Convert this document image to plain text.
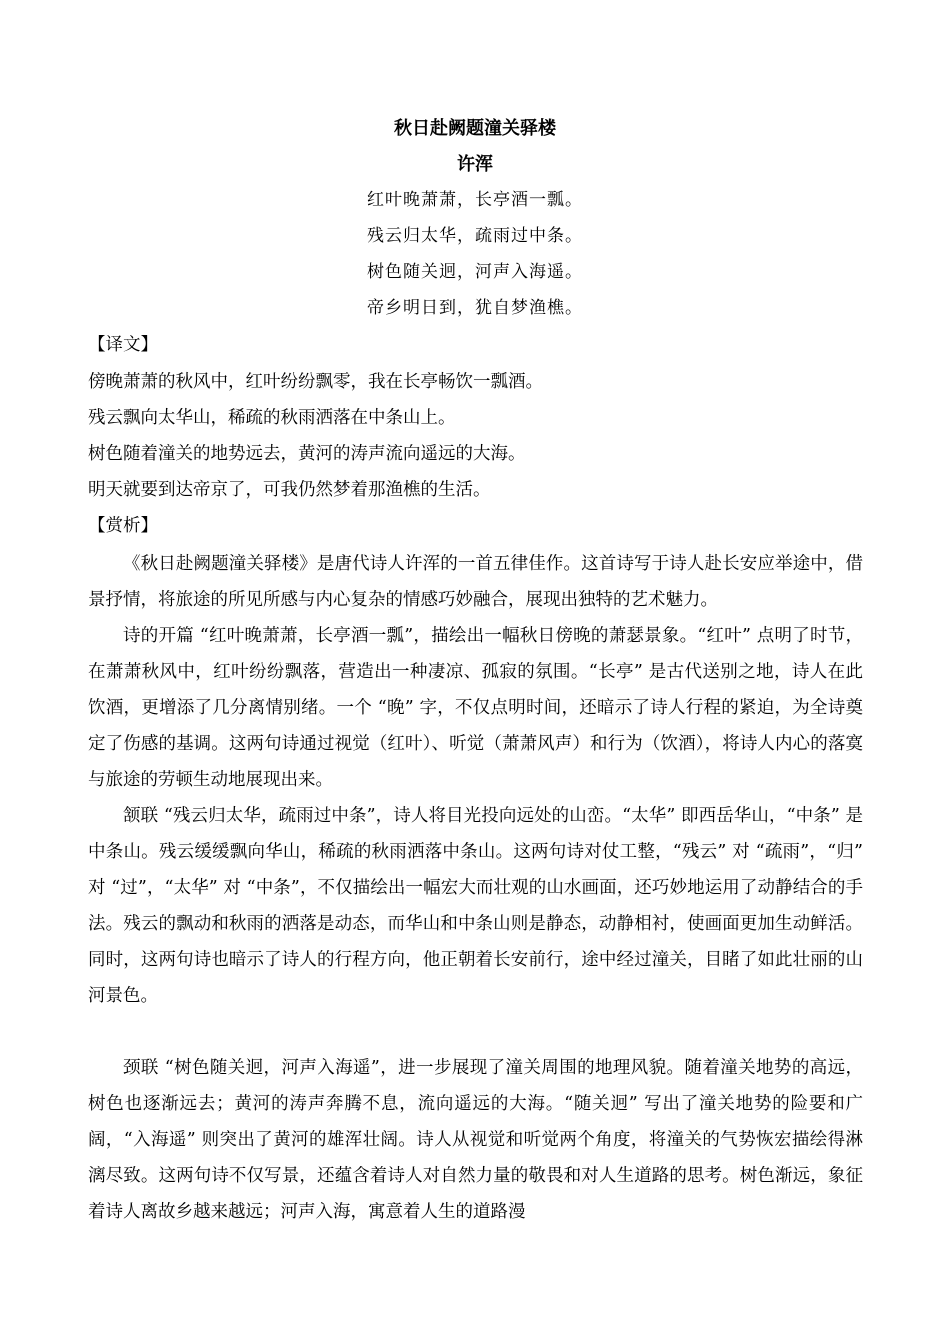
秋日赴阙题潼关驿楼
许浑
红叶晚萧萧，长亭酒一瓢。
残云归太华，疏雨过中条。
树色随关迥，河声入海遥。
帝乡明日到，犹自梦渔樵。
【译文】
傍晚萧萧的秋风中，红叶纷纷飘零，我在长亭畅饮一瓢酒。
残云飘向太华山，稀疏的秋雨洒落在中条山上。
树色随着潼关的地势远去，黄河的涛声流向遥远的大海。
明天就要到达帝京了，可我仍然梦着那渔樵的生活。
【赏析】
《秋日赴阙题潼关驿楼》是唐代诗人许浑的一首五律佳作。这首诗写于诗人赴长安应举途中，借景抒情，将旅途的所见所感与内心复杂的情感巧妙融合，展现出独特的艺术魅力。
诗的开篇 “红叶晚萧萧，长亭酒一瓢”，描绘出一幅秋日傍晚的萧瑟景象。“红叶” 点明了时节，在萧萧秋风中，红叶纷纷飘落，营造出一种凄凉、孤寂的氛围。“长亭” 是古代送别之地，诗人在此饮酒，更增添了几分离情别绪。一个 “晚” 字，不仅点明时间，还暗示了诗人行程的紧迫，为全诗奠定了伤感的基调。这两句诗通过视觉（红叶）、听觉（萧萧风声）和行为（饮酒），将诗人内心的落寞与旅途的劳顿生动地展现出来。
颔联 “残云归太华，疏雨过中条”，诗人将目光投向远处的山峦。“太华” 即西岳华山，“中条” 是中条山。残云缓缓飘向华山，稀疏的秋雨洒落中条山。这两句诗对仗工整，“残云” 对 “疏雨”，“归” 对 “过”，“太华” 对 “中条”，不仅描绘出一幅宏大而壮观的山水画面，还巧妙地运用了动静结合的手法。残云的飘动和秋雨的洒落是动态，而华山和中条山则是静态，动静相衬，使画面更加生动鲜活。同时，这两句诗也暗示了诗人的行程方向，他正朝着长安前行，途中经过潼关，目睹了如此壮丽的山河景色。
颈联 “树色随关迥，河声入海遥”，进一步展现了潼关周围的地理风貌。随着潼关地势的高远，树色也逐渐远去；黄河的涛声奔腾不息，流向遥远的大海。“随关迥” 写出了潼关地势的险要和广阔，“入海遥” 则突出了黄河的雄浑壮阔。诗人从视觉和听觉两个角度，将潼关的气势恢宏描绘得淋漓尽致。这两句诗不仅写景，还蕴含着诗人对自然力量的敬畏和对人生道路的思考。树色渐远，象征着诗人离故乡越来越远；河声入海，寓意着人生的道路漫
